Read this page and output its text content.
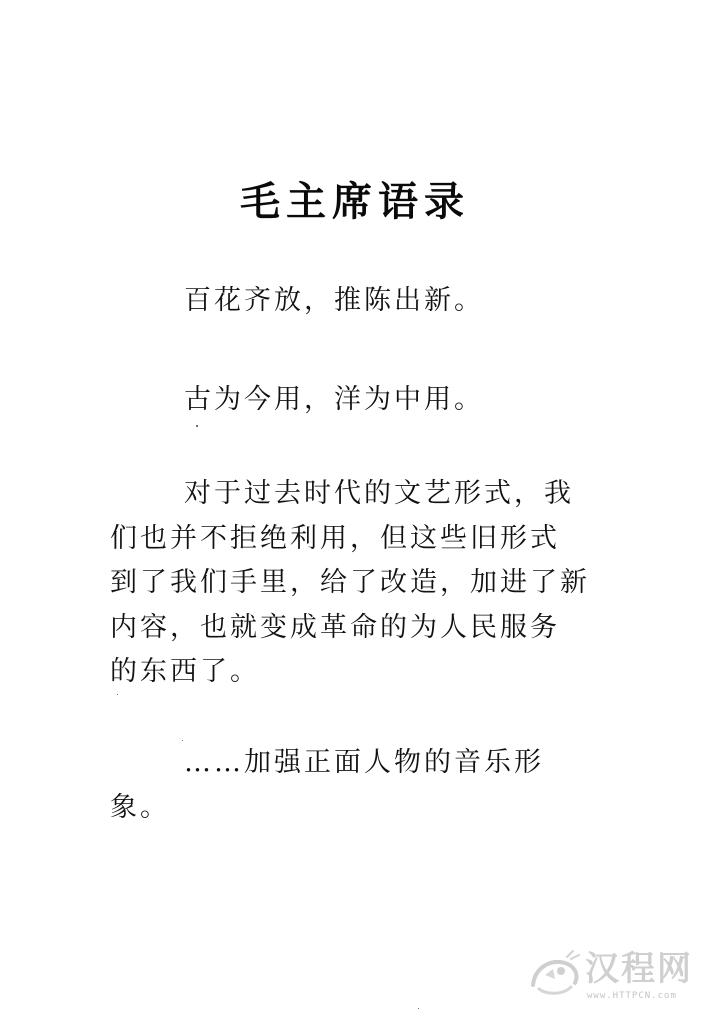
毛主席语录
百花齐放，推陈出新。
古为今用，洋为中用。
对于过去时代的文艺形式，我
们也并不拒绝利用，但这些旧形式
到了我们手里，给了改造，加进了新
内容，也就变成革命的为人民服务
的东西了。
……加强正面人物的音乐形
象。
汉程网
www.HTTPCN.com
